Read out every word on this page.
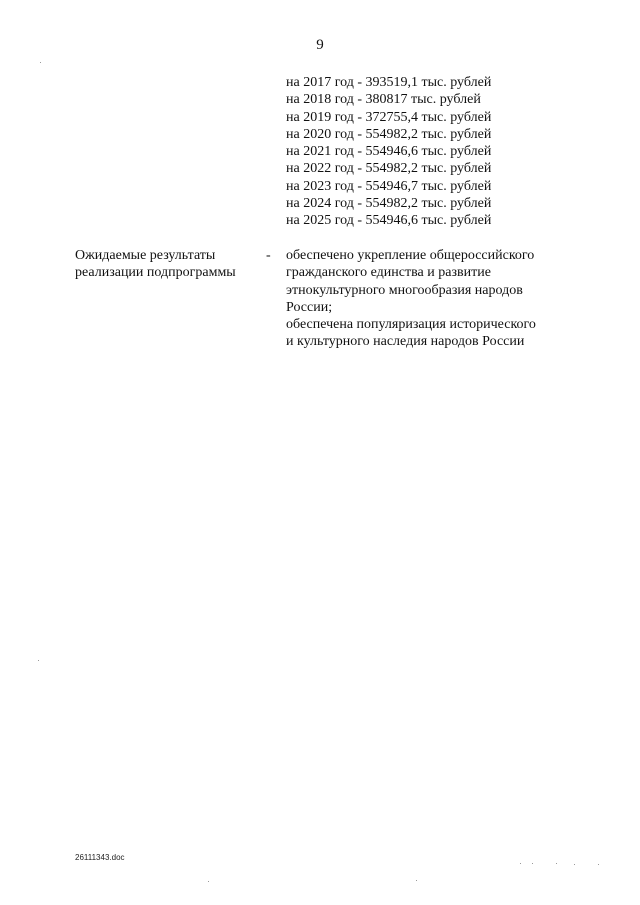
9
на 2017 год - 393519,1 тыс. рублей
на 2018 год - 380817 тыс. рублей
на 2019 год - 372755,4 тыс. рублей
на 2020 год - 554982,2 тыс. рублей
на 2021 год - 554946,6 тыс. рублей
на 2022 год - 554982,2 тыс. рублей
на 2023 год - 554946,7 тыс. рублей
на 2024 год - 554982,2 тыс. рублей
на 2025 год - 554946,6 тыс. рублей
Ожидаемые результаты
реализации подпрограммы
- обеспечено укрепление общероссийского
гражданского единства и развитие
этнокультурного многообразия народов
России;
обеспечена популяризация исторического
и культурного наследия народов России
26111343.doc
